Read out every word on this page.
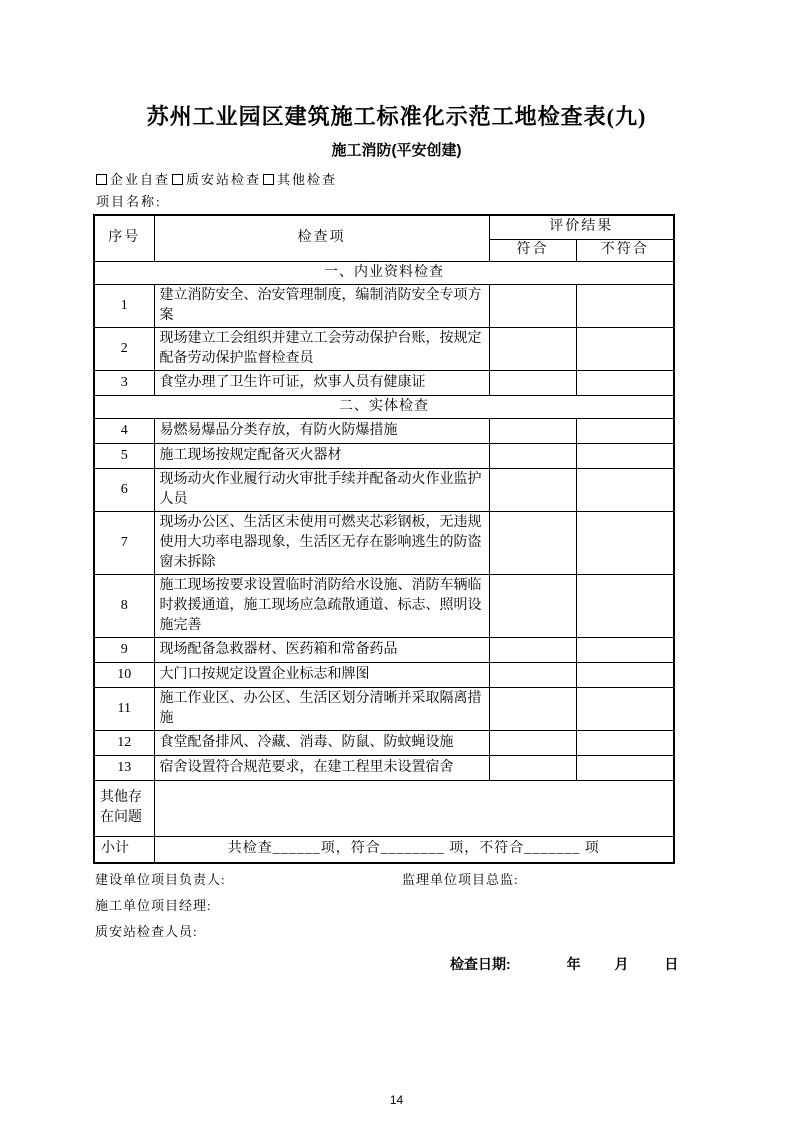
苏州工业园区建筑施工标准化示范工地检查表(九)
施工消防(平安创建)
企业自查 质安站检查 其他检查
项目名称:
序号	检查项	评价结果	
		符合	不符合
一、内业资料检查			
1	建立消防安全、治安管理制度，编制消防安全专项方案		
2	现场建立工会组织并建立工会劳动保护台账，按规定配备劳动保护监督检查员		
3	食堂办理了卫生许可证，炊事人员有健康证		
二、实体检查			
4	易燃易爆品分类存放，有防火防爆措施		
5	施工现场按规定配备灭火器材		
6	现场动火作业履行动火审批手续并配备动火作业监护人员		
7	现场办公区、生活区未使用可燃夹芯彩钢板，无违规使用大功率电器现象，生活区无存在影响逃生的防盗窗未拆除		
8	施工现场按要求设置临时消防给水设施、消防车辆临时救援通道，施工现场应急疏散通道、标志、照明设施完善		
9	现场配备急救器材、医药箱和常备药品		
10	大门口按规定设置企业标志和牌图		
11	施工作业区、办公区、生活区划分清晰并采取隔离措施		
12	食堂配备排风、冷藏、消毒、防鼠、防蚊蝇设施		
13	宿舍设置符合规范要求，在建工程里未设置宿舍		
其他存在问题			
小计	共检查______项，符合________ 项，不符合_______ 项		
建设单位项目负责人:	监理单位项目总监:
施工单位项目经理:
质安站检查人员:
检查日期:	年 月	日
14
